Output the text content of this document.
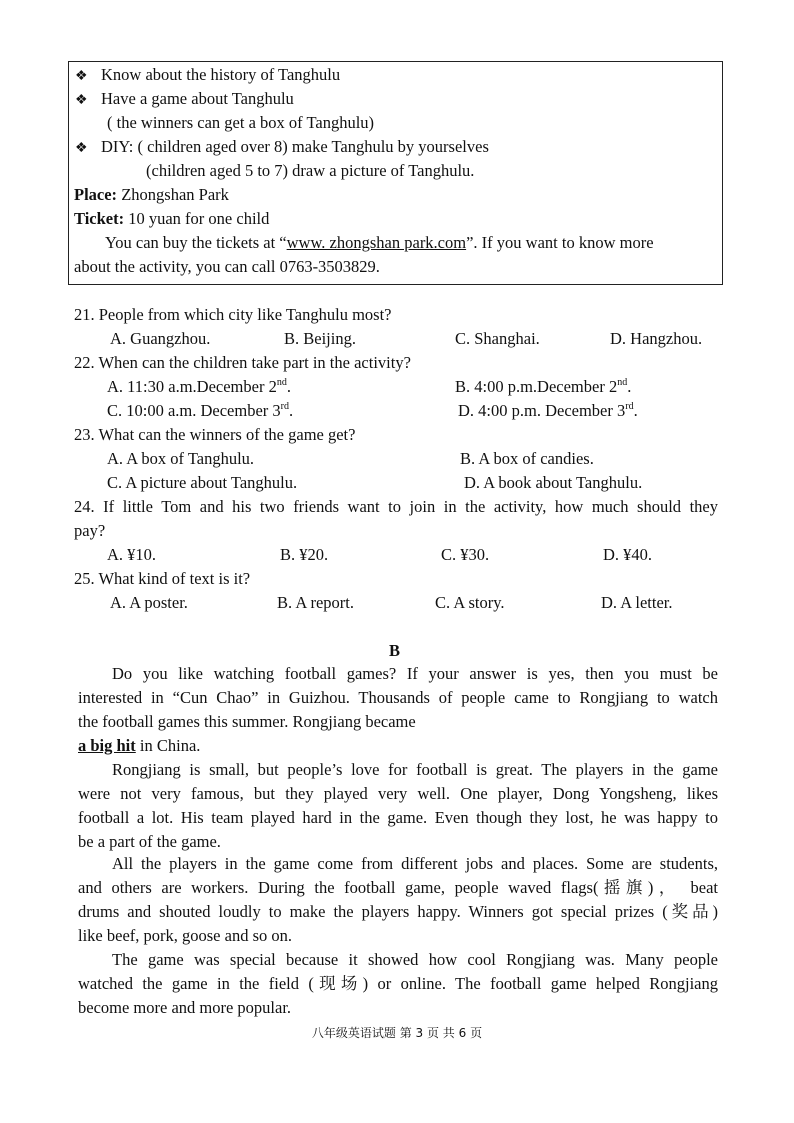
❖ Know about the history of Tanghulu
❖ Have a game about Tanghulu
( the winners can get a box of Tanghulu)
❖ DIY: ( children aged over 8) make Tanghulu by yourselves
(children aged 5 to 7) draw a picture of Tanghulu.
Place: Zhongshan Park
Ticket: 10 yuan for one child
You can buy the tickets at “www. zhongshan park.com”. If you want to know more
about the activity, you can call 0763-3503829.
21. People from which city like Tanghulu most?
A. Guangzhou.	B. Beijing.	C. Shanghai.	D. Hangzhou.
22. When can the children take part in the activity?
A. 11:30 a.m.December 2nd.	B. 4:00 p.m.December 2nd.
C. 10:00 a.m. December 3rd.	D. 4:00 p.m. December 3rd.
23. What can the winners of the game get?
A. A box of Tanghulu.	B. A box of candies.
C. A picture about Tanghulu.	D. A book about Tanghulu.
24. If little Tom and his two friends want to join in the activity, how much should they
pay?
A. ¥10.	B. ¥20.	C. ¥30.	D. ¥40.
25. What kind of text is it?
A. A poster.	B. A report.	C. A story.	D. A letter.
B
Do you like watching football games? If your answer is yes, then you must be
interested in “Cun Chao” in Guizhou. Thousands of people came to Rongjiang to watch
the football games this summer. Rongjiang became
a big hit in China.
Rongjiang is small, but people’s love for football is great. The players in the game
were not very famous, but they played very well. One player, Dong Yongsheng, likes
football a lot. His team played hard in the game. Even though they lost, he was happy to
be a part of the game.
All the players in the game come from different jobs and places. Some are students,
and others are workers. During the football game, people waved flags(摇旗)， beat
drums and shouted loudly to make the players happy. Winners got special prizes (奖品)
like beef, pork, goose and so on.
The game was special because it showed how cool Rongjiang was. Many people
watched the game in the field (现场) or online. The football game helped Rongjiang
become more and more popular.
八年级英语试题 第 3 页 共 6 页
